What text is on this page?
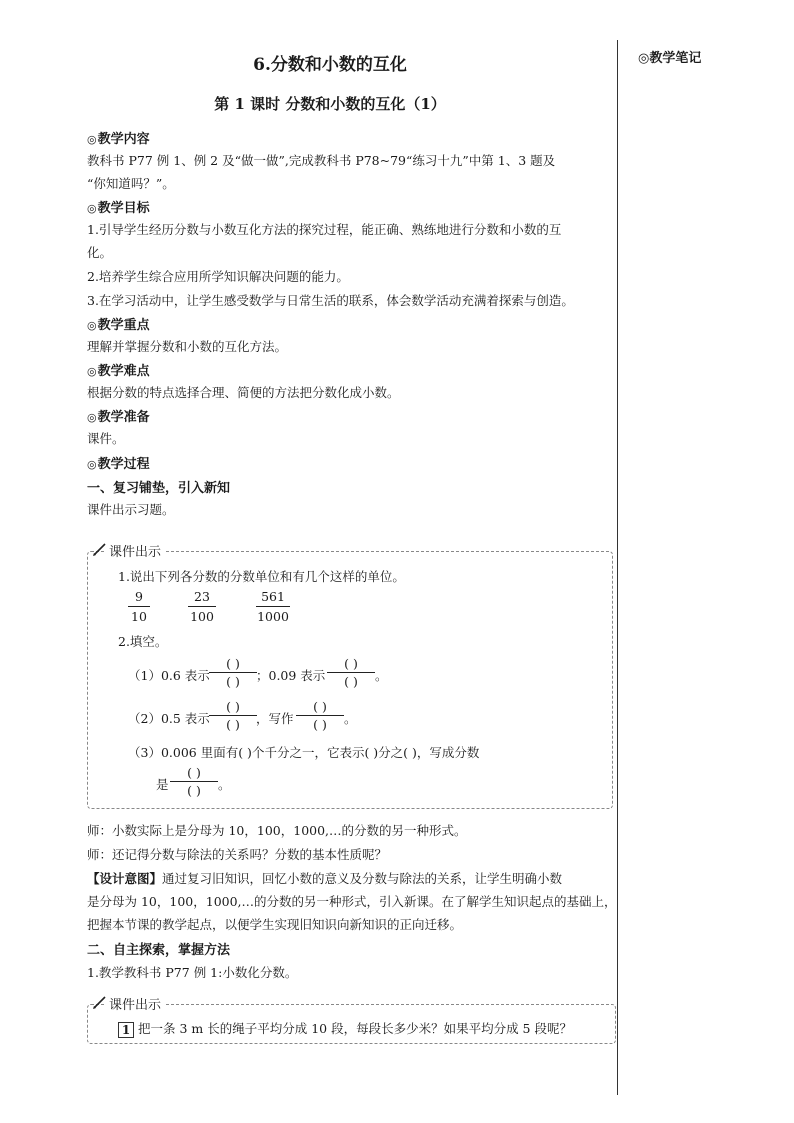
◎教学笔记
6.分数和小数的互化
第 1 课时 分数和小数的互化（1）
◎教学内容
教科书 P77 例 1、例 2 及“做一做”,完成教科书 P78~79“练习十九”中第 1、3 题及
“你知道吗？”。
◎教学目标
1.引导学生经历分数与小数互化方法的探究过程，能正确、熟练地进行分数和小数的互
化。
2.培养学生综合应用所学知识解决问题的能力。
3.在学习活动中，让学生感受数学与日常生活的联系，体会数学活动充满着探索与创造。
◎教学重点
理解并掌握分数和小数的互化方法。
◎教学难点
根据分数的特点选择合理、简便的方法把分数化成小数。
◎教学准备
课件。
◎教学过程
一、复习铺垫，引入新知
课件出示习题。
课件出示
1.说出下列各分数的分数单位和有几个这样的单位。
9
10
23
100
561
1000
2.填空。
（1）0.6 表示
( )
( )	；0.09 表示
( )
( )	。
（2）0.5 表示
( )
( )	，写作
( )
( )	。
（3）0.006 里面有( )个千分之一，它表示( )分之( )，写成分数
是
( )
( )	。
师：小数实际上是分母为 10，100，1000,…的分数的另一种形式。
师：还记得分数与除法的关系吗？分数的基本性质呢？
【设计意图】通过复习旧知识，回忆小数的意义及分数与除法的关系，让学生明确小数
是分母为 10，100，1000,…的分数的另一种形式，引入新课。在了解学生知识起点的基础上，
把握本节课的教学起点，以便学生实现旧知识向新知识的正向迁移。
二、自主探索，掌握方法
1.教学教科书 P77 例 1:小数化分数。
课件出示
1 把一条 3 m 长的绳子平均分成 10 段，每段长多少米？如果平均分成 5 段呢？
